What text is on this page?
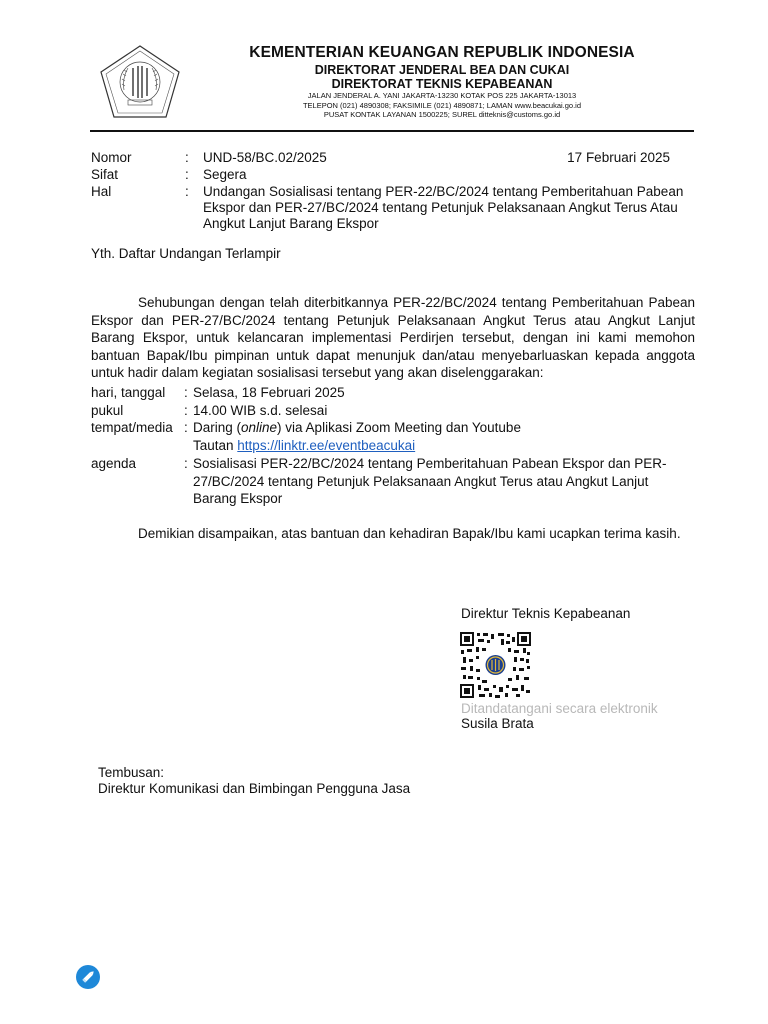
KEMENTERIAN KEUANGAN REPUBLIK INDONESIA
DIREKTORAT JENDERAL BEA DAN CUKAI
DIREKTORAT TEKNIS KEPABEANAN
JALAN JENDERAL A. YANI JAKARTA-13230 KOTAK POS 225 JAKARTA-13013
TELEPON (021) 4890308; FAKSIMILE (021) 4890871; LAMAN www.beacukai.go.id
PUSAT KONTAK LAYANAN 1500225; SUREL ditteknis@customs.go.id
Nomor	: UND-58/BC.02/2025	17 Februari 2025
Sifat	: Segera
Hal	: Undangan Sosialisasi tentang PER-22/BC/2024 tentang Pemberitahuan Pabean Ekspor dan PER-27/BC/2024 tentang Petunjuk Pelaksanaan Angkut Terus Atau Angkut Lanjut Barang Ekspor
Yth. Daftar Undangan Terlampir
Sehubungan dengan telah diterbitkannya PER-22/BC/2024 tentang Pemberitahuan Pabean Ekspor dan PER-27/BC/2024 tentang Petunjuk Pelaksanaan Angkut Terus atau Angkut Lanjut Barang Ekspor, untuk kelancaran implementasi Perdirjen tersebut, dengan ini kami memohon bantuan Bapak/Ibu pimpinan untuk dapat menunjuk dan/atau menyebarluaskan kepada anggota untuk hadir dalam kegiatan sosialisasi tersebut yang akan diselenggarakan:
hari, tanggal : Selasa, 18 Februari 2025
pukul	: 14.00 WIB s.d. selesai
tempat/media : Daring (online) via Aplikasi Zoom Meeting dan Youtube
Tautan https://linktr.ee/eventbeacukai
agenda	: Sosialisasi PER-22/BC/2024 tentang Pemberitahuan Pabean Ekspor dan PER-27/BC/2024 tentang Petunjuk Pelaksanaan Angkut Terus atau Angkut Lanjut Barang Ekspor
Demikian disampaikan, atas bantuan dan kehadiran Bapak/Ibu kami ucapkan terima kasih.
Direktur Teknis Kepabeanan
Ditandatangani secara elektronik
Susila Brata
Tembusan:
Direktur Komunikasi dan Bimbingan Pengguna Jasa
